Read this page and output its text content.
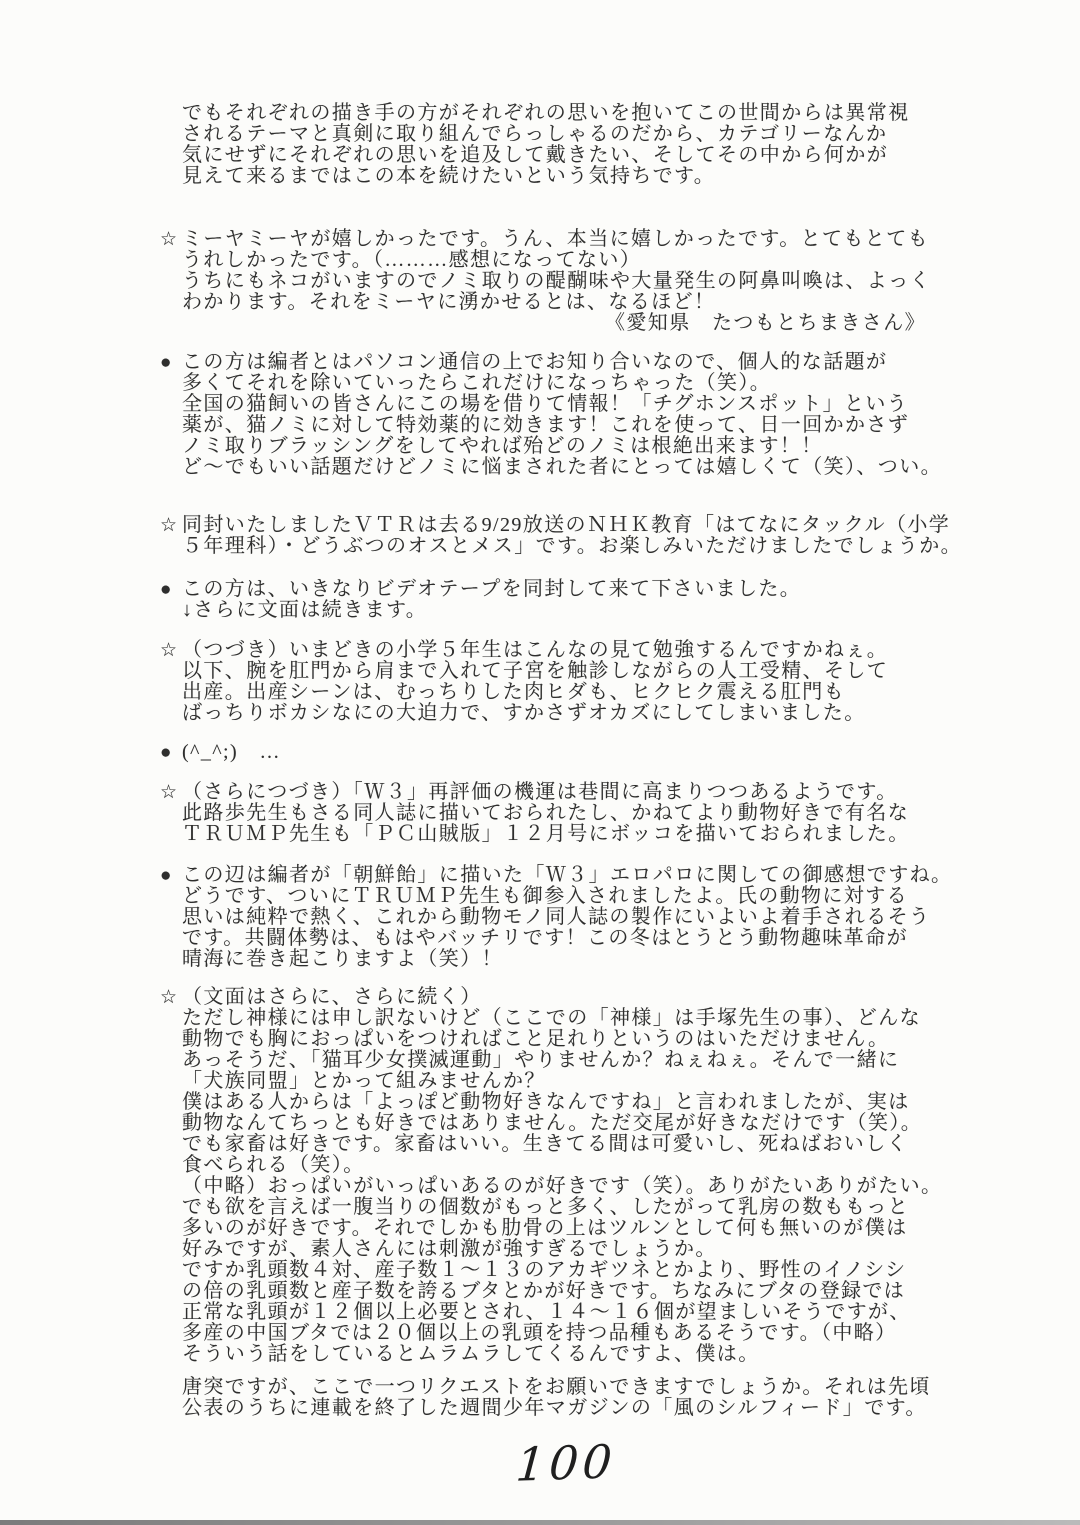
でもそれぞれの描き手の方がそれぞれの思いを抱いてこの世間からは異常視
されるテーマと真剣に取り組んでらっしゃるのだから、カテゴリーなんか
気にせずにそれぞれの思いを追及して戴きたい、そしてその中から何かが
見えて来るまではこの本を続けたいという気持ちです。
☆ ミーヤミーヤが嬉しかったです。うん、本当に嬉しかったです。とてもとても
うれしかったです。（………感想になってない）
うちにもネコがいますのでノミ取りの醍醐味や大量発生の阿鼻叫喚は、よっく
わかります。それをミーヤに湧かせるとは、なるほど！
《愛知県　たつもとちまきさん》
● この方は編者とはパソコン通信の上でお知り合いなので、個人的な話題が
多くてそれを除いていったらこれだけになっちゃった（笑）。
全国の猫飼いの皆さんにこの場を借りて情報！「チグホンスポット」という
薬が、猫ノミに対して特効薬的に効きます！これを使って、日一回かかさず
ノミ取りブラッシングをしてやれば殆どのノミは根絶出来ます！！
ど〜でもいい話題だけどノミに悩まされた者にとっては嬉しくて（笑）、つい。
☆ 同封いたしましたＶＴＲは去る9/29放送のＮＨＫ教育「はてなにタックル（小学
５年理科）・どうぶつのオスとメス」です。お楽しみいただけましたでしょうか。
● この方は、いきなりビデオテープを同封して来て下さいました。
↓さらに文面は続きます。
☆ （つづき）いまどきの小学５年生はこんなの見て勉強するんですかねぇ。
以下、腕を肛門から肩まで入れて子宮を触診しながらの人工受精、そして
出産。出産シーンは、むっちりした肉ヒダも、ヒクヒク震える肛門も
ばっちりボカシなにの大迫力で、すかさずオカズにしてしまいました。
● (^_^;)　…
☆ （さらにつづき）「Ｗ３」再評価の機運は巷間に高まりつつあるようです。
此路歩先生もさる同人誌に描いておられたし、かねてより動物好きで有名な
ＴＲＵＭＰ先生も「ＰＣ山賊版」１２月号にボッコを描いておられました。
● この辺は編者が「朝鮮飴」に描いた「Ｗ３」エロパロに関しての御感想ですね。
どうです、ついにＴＲＵＭＰ先生も御参入されましたよ。氏の動物に対する
思いは純粋で熱く、これから動物モノ同人誌の製作にいよいよ着手されるそう
です。共闘体勢は、もはやバッチリです！この冬はとうとう動物趣味革命が
晴海に巻き起こりますよ（笑）！
☆ （文面はさらに、さらに続く）
ただし神様には申し訳ないけど（ここでの「神様」は手塚先生の事）、どんな
動物でも胸におっぱいをつければこと足れりというのはいただけません。
あっそうだ、「猫耳少女撲滅運動」やりませんか？ねぇねぇ。そんで一緒に
「犬族同盟」とかって組みませんか？
僕はある人からは「よっぽど動物好きなんですね」と言われましたが、実は
動物なんてちっとも好きではありません。ただ交尾が好きなだけです（笑）。
でも家畜は好きです。家畜はいい。生きてる間は可愛いし、死ねばおいしく
食べられる（笑）。
（中略）おっぱいがいっぱいあるのが好きです（笑）。ありがたいありがたい。
でも欲を言えば一腹当りの個数がもっと多く、したがって乳房の数ももっと
多いのが好きです。それでしかも肋骨の上はツルンとして何も無いのが僕は
好みですが、素人さんには刺激が強すぎるでしょうか。
ですか乳頭数４対、産子数１〜１３のアカギツネとかより、野性のイノシシ
の倍の乳頭数と産子数を誇るブタとかが好きです。ちなみにブタの登録では
正常な乳頭が１２個以上必要とされ、１４〜１６個が望ましいそうですが、
多産の中国ブタでは２０個以上の乳頭を持つ品種もあるそうです。（中略）
そういう話をしているとムラムラしてくるんですよ、僕は。
唐突ですが、ここで一つリクエストをお願いできますでしょうか。それは先頃
公表のうちに連載を終了した週間少年マガジンの「風のシルフィード」です。
100
